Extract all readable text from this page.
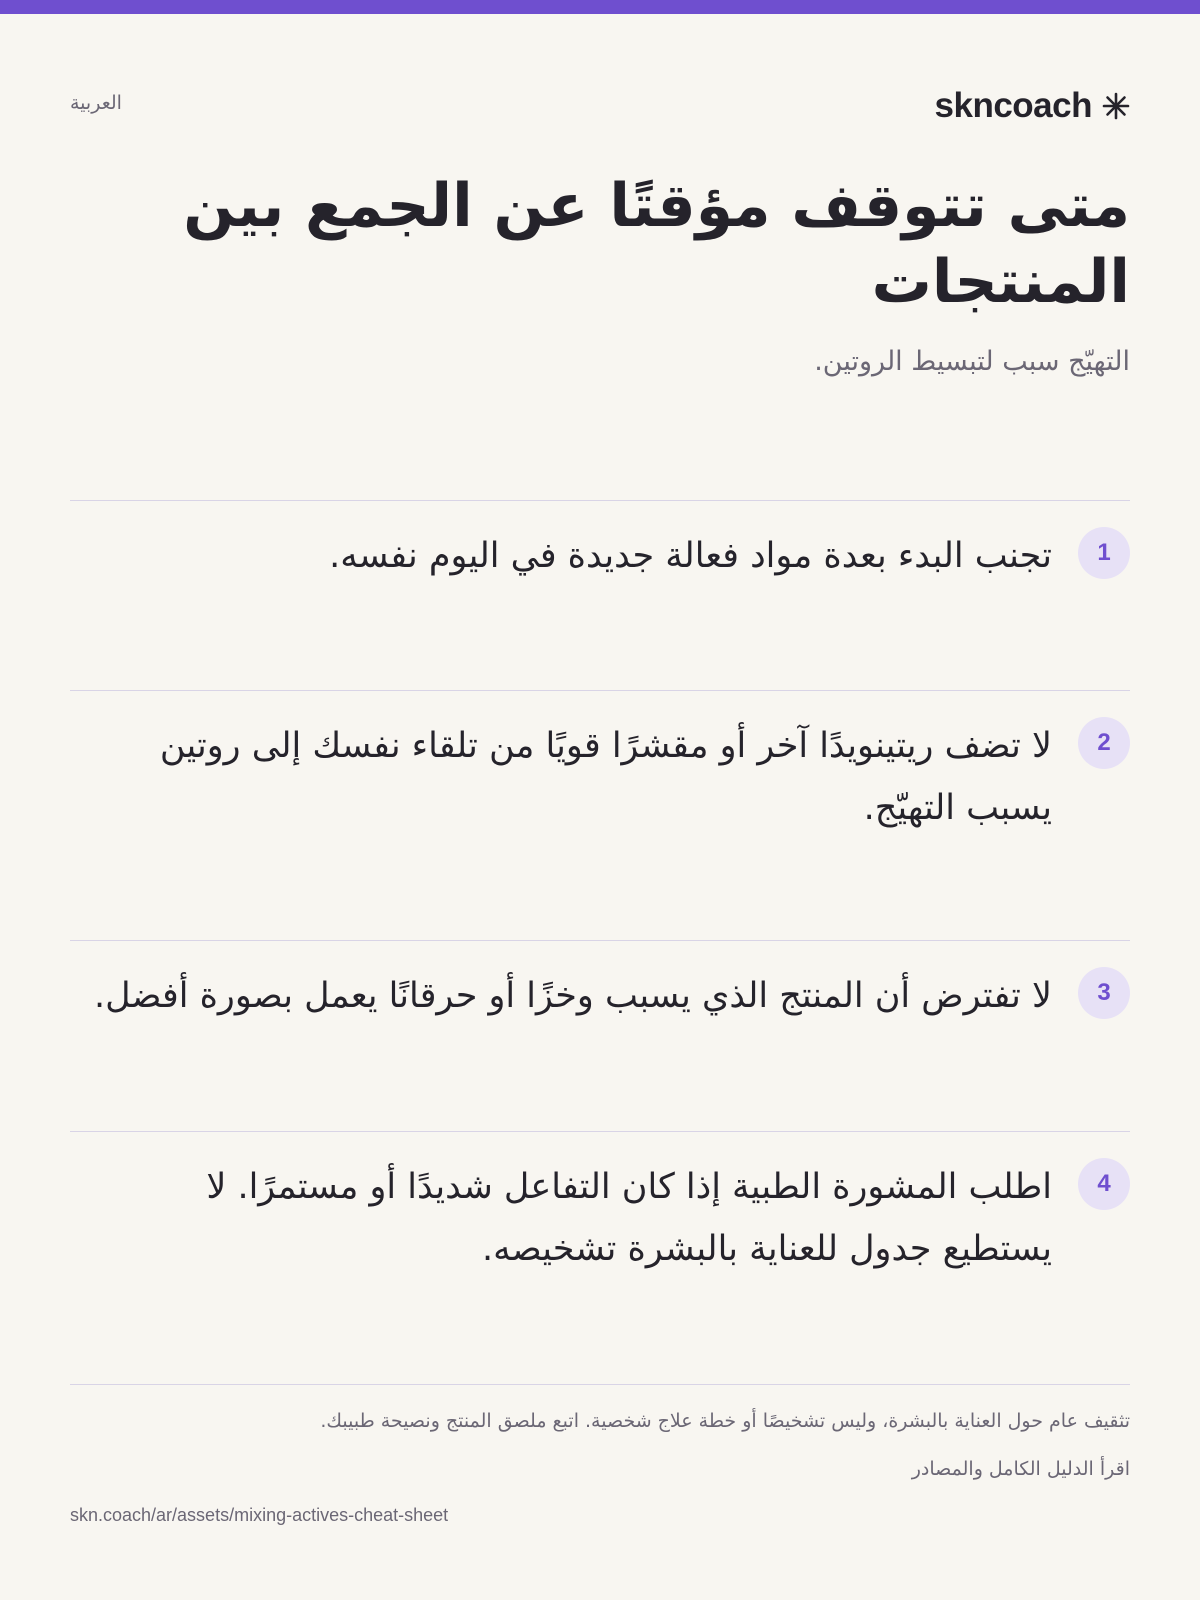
العربية	skncoach
متى تتوقف مؤقتًا عن الجمع بين المنتجات

التهيّج سبب لتبسيط الروتين.

1

تجنب البدء بعدة مواد فعالة جديدة في اليوم نفسه.

2

لا تضف ريتينويدًا آخر أو مقشرًا قويًا من تلقاء نفسك إلى روتين يسبب التهيّج.

3

لا تفترض أن المنتج الذي يسبب وخزًا أو حرقانًا يعمل بصورة أفضل.

4

اطلب المشورة الطبية إذا كان التفاعل شديدًا أو مستمرًا. لا يستطيع جدول للعناية بالبشرة تشخيصه.

تثقيف عام حول العناية بالبشرة، وليس تشخيصًا أو خطة علاج شخصية. اتبع ملصق المنتج ونصيحة طبيبك.

اقرأ الدليل الكامل والمصادر
skn.coach/ar/assets/mixing-actives-cheat-sheet
